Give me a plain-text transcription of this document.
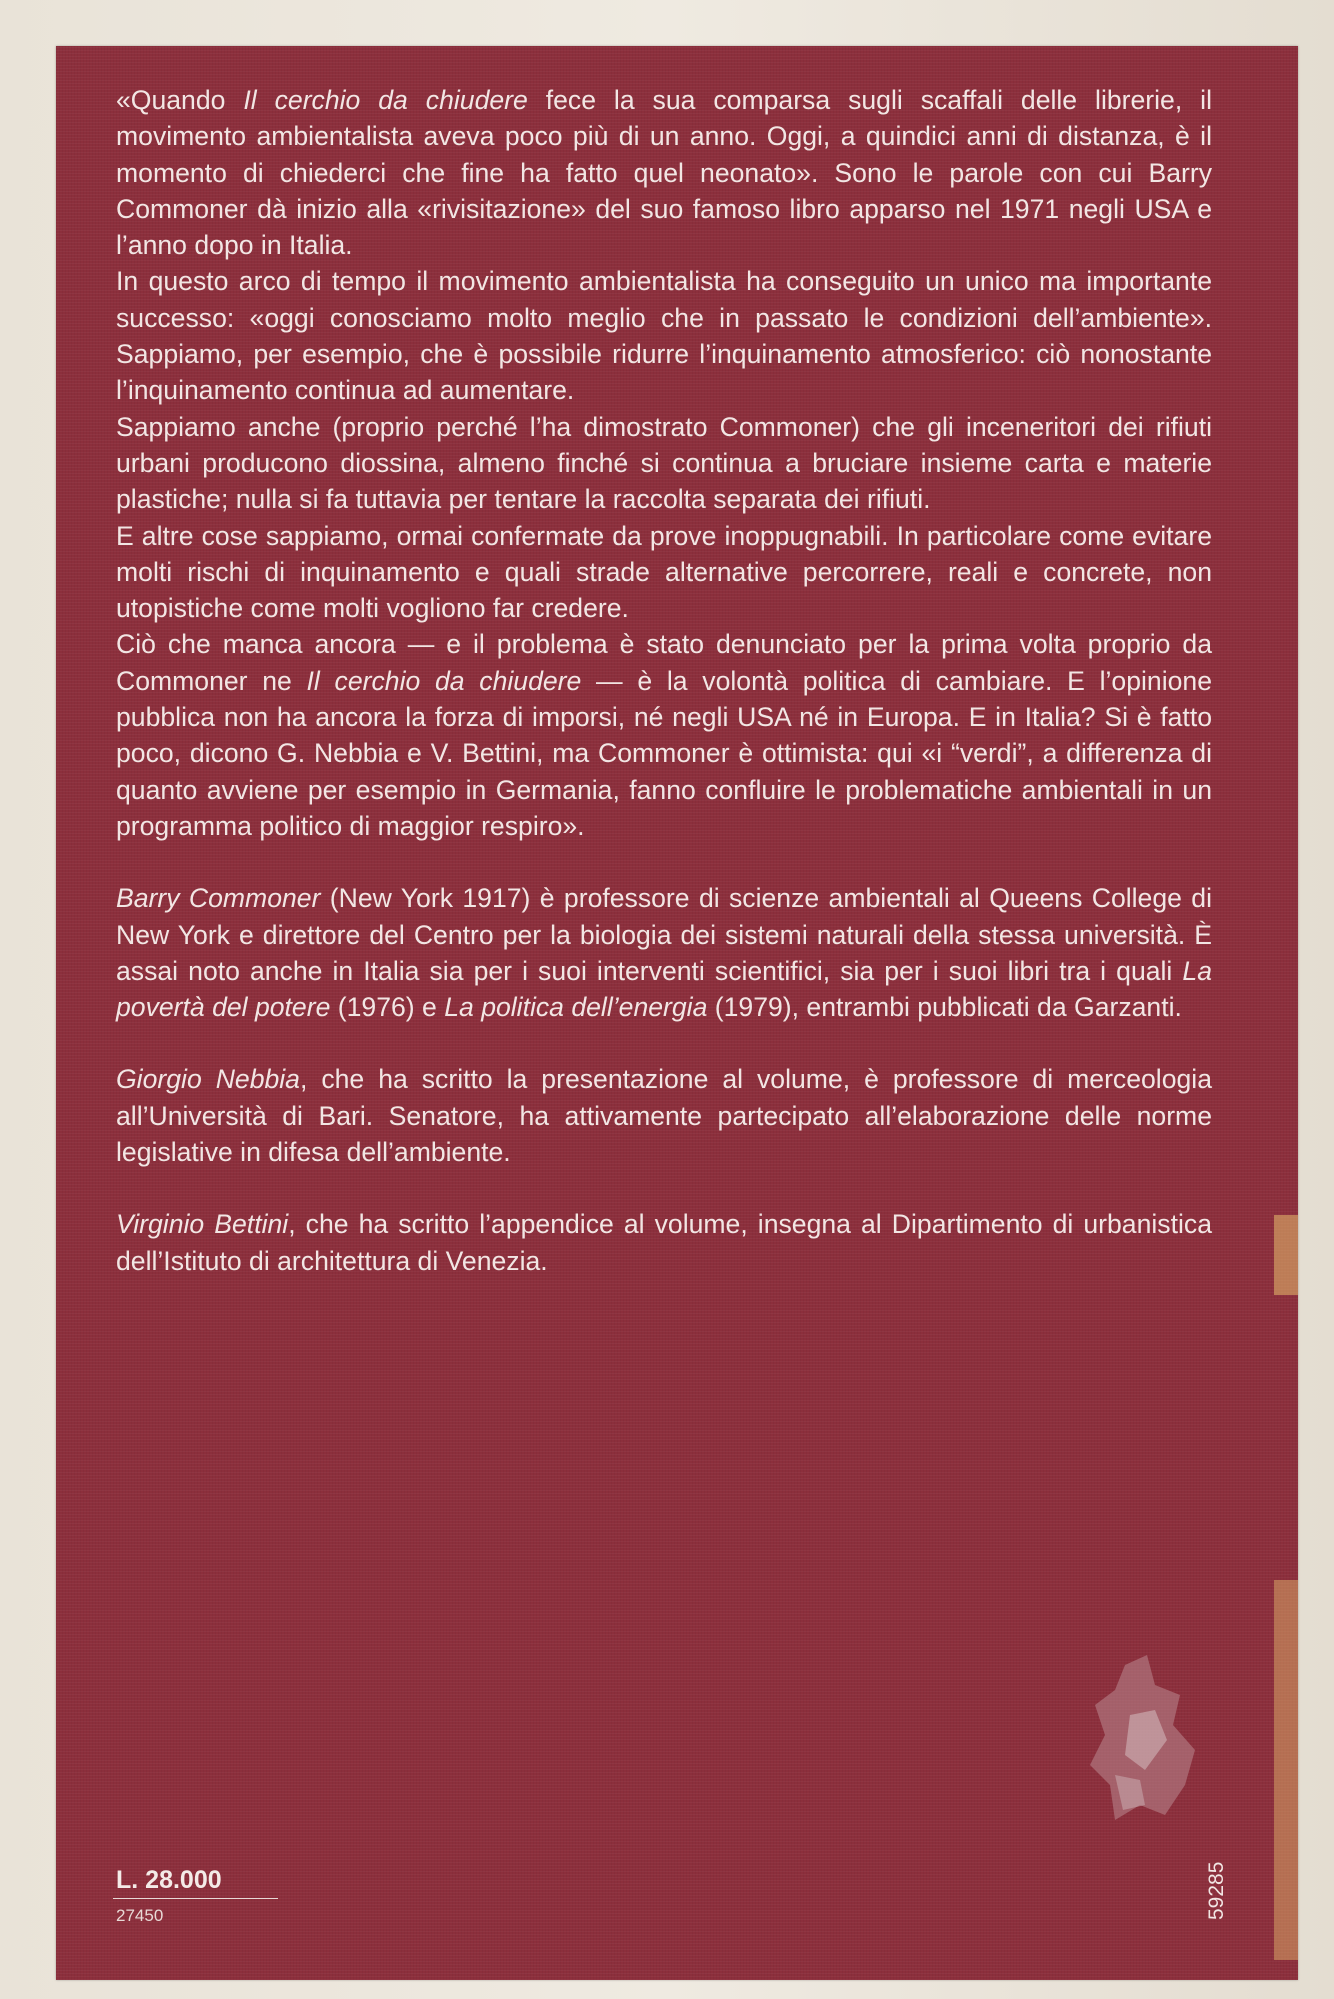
«Quando Il cerchio da chiudere fece la sua comparsa sugli scaffali delle librerie, il movimento ambientalista aveva poco più di un anno. Oggi, a quindici anni di distanza, è il momento di chiederci che fine ha fatto quel neonato». Sono le parole con cui Barry Commoner dà inizio alla «rivisitazione» del suo famoso libro apparso nel 1971 negli USA e l’anno dopo in Italia.

In questo arco di tempo il movimento ambientalista ha conseguito un unico ma importante successo: «oggi conosciamo molto meglio che in passato le condizioni dell’ambiente». Sappiamo, per esempio, che è possibile ridurre l’inquinamento atmosferico: ciò nonostante l’inquinamento continua ad aumentare.

Sappiamo anche (proprio perché l’ha dimostrato Commoner) che gli inceneritori dei rifiuti urbani producono diossina, almeno finché si continua a bruciare insieme carta e materie plastiche; nulla si fa tuttavia per tentare la raccolta separata dei rifiuti.

E altre cose sappiamo, ormai confermate da prove inoppugnabili. In particolare come evitare molti rischi di inquinamento e quali strade alternative percorrere, reali e concrete, non utopistiche come molti vogliono far credere.

Ciò che manca ancora — e il problema è stato denunciato per la prima volta proprio da Commoner ne Il cerchio da chiudere — è la volontà politica di cambiare. E l’opinione pubblica non ha ancora la forza di imporsi, né negli USA né in Europa. E in Italia? Si è fatto poco, dicono G. Nebbia e V. Bettini, ma Commoner è ottimista: qui «i “verdi”, a differenza di quanto avviene per esempio in Germania, fanno confluire le problematiche ambientali in un programma politico di maggior respiro».

Barry Commoner (New York 1917) è professore di scienze ambientali al Queens College di New York e direttore del Centro per la biologia dei sistemi naturali della stessa università. È assai noto anche in Italia sia per i suoi interventi scientifici, sia per i suoi libri tra i quali La povertà del potere (1976) e La politica dell’energia (1979), entrambi pubblicati da Garzanti.

Giorgio Nebbia, che ha scritto la presentazione al volume, è professore di merceologia all’Università di Bari. Senatore, ha attivamente partecipato all’elaborazione delle norme legislative in difesa dell’ambiente.

Virginio Bettini, che ha scritto l’appendice al volume, insegna al Dipartimento di urbanistica dell’Istituto di architettura di Venezia.

L. 28.000
27450	59285
